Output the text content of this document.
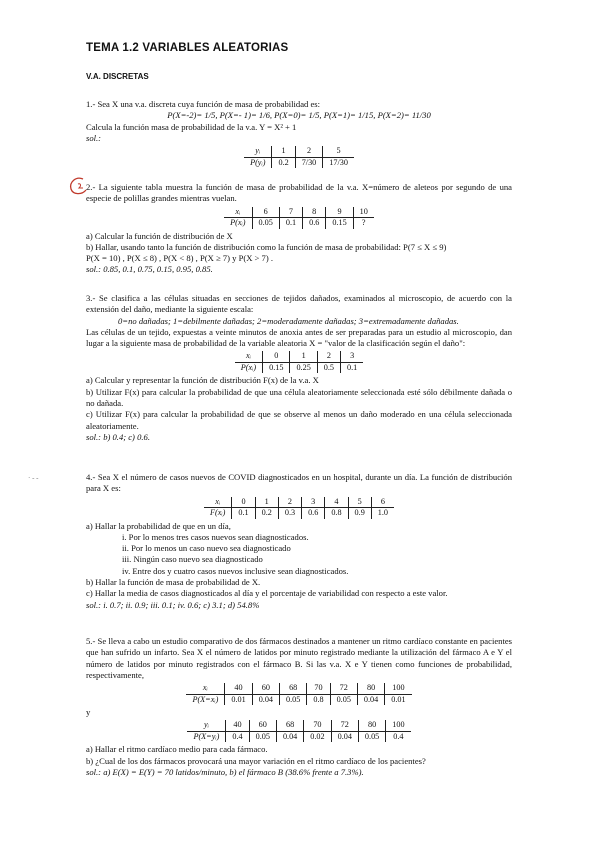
TEMA 1.2 VARIABLES ALEATORIAS
V.A. DISCRETAS

1.- Sea X una v.a. discreta cuya función de masa de probabilidad es:

P(X=-2)= 1/5, P(X=- 1)= 1/6, P(X=0)= 1/5, P(X=1)= 1/15, P(X=2)= 11/30

Calcula la función masa de probabilidad de la v.a. Y = X² + 1

sol.:

yᵢ	1	2	5
P(yᵢ)	0.2	7/30	17/30

2.- La siguiente tabla muestra la función de masa de probabilidad de la v.a. X=número de aleteos por segundo de una especie de polillas grandes mientras vuelan.

xᵢ	6	7	8	9	10
P(xᵢ)	0.05	0.1	0.6	0.15	?

a) Calcular la función de distribución de X

b) Hallar, usando tanto la función de distribución como la función de masa de probabilidad: P(7 ≤ X ≤ 9)

P(X = 10) , P(X ≤ 8) , P(X < 8) , P(X ≥ 7) y P(X > 7) .

sol.: 0.85, 0.1, 0.75, 0.15, 0.95, 0.85.

3.- Se clasifica a las células situadas en secciones de tejidos dañados, examinados al microscopio, de acuerdo con la extensión del daño, mediante la siguiente escala:

0=no dañadas; 1=debilmente dañadas; 2=moderadamente dañadas; 3=extremadamente dañadas.

Las células de un tejido, expuestas a veinte minutos de anoxia antes de ser preparadas para un estudio al microscopio, dan lugar a la siguiente masa de probabilidad de la variable aleatoria X = "valor de la clasificación según el daño":

xᵢ	0	1	2	3
P(xᵢ)	0.15	0.25	0.5	0.1

a) Calcular y representar la función de distribución F(x) de la v.a. X

b) Utilizar F(x) para calcular la probabilidad de que una célula aleatoriamente seleccionada esté sólo débilmente dañada o no dañada.

c) Utilizar F(x) para calcular la probabilidad de que se observe al menos un daño moderado en una célula seleccionada aleatoriamente.

sol.: b) 0.4; c) 0.6.

· - -	4.- Sea X el número de casos nuevos de COVID diagnosticados en un hospital, durante un día. La función de distribución para X es:

xᵢ	0	1	2	3	4	5	6
F(xᵢ)	0.1	0.2	0.3	0.6	0.8	0.9	1.0

a) Hallar la probabilidad de que en un día,

i. Por lo menos tres casos nuevos sean diagnosticados.

ii. Por lo menos un caso nuevo sea diagnosticado

iii. Ningún caso nuevo sea diagnosticado

iv. Entre dos y cuatro casos nuevos inclusive sean diagnosticados.

b) Hallar la función de masa de probabilidad de X.

c) Hallar la media de casos diagnosticados al día y el porcentaje de variabilidad con respecto a este valor.

sol.: i. 0.7; ii. 0.9; iii. 0.1; iv. 0.6; c) 3.1; d) 54.8%

5.- Se lleva a cabo un estudio comparativo de dos fármacos destinados a mantener un ritmo cardíaco constante en pacientes que han sufrido un infarto. Sea X el número de latidos por minuto registrado mediante la utilización del fármaco A e Y el número de latidos por minuto registrados con el fármaco B. Si las v.a. X e Y tienen como funciones de probabilidad, respectivamente,

xᵢ	40	60	68	70	72	80	100
P(X=xᵢ)	0.01	0.04	0.05	0.8	0.05	0.04	0.01

y

yᵢ	40	60	68	70	72	80	100
P(X=yᵢ)	0.4	0.05	0.04	0.02	0.04	0.05	0.4

a) Hallar el ritmo cardíaco medio para cada fármaco.

b) ¿Cual de los dos fármacos provocará una mayor variación en el ritmo cardíaco de los pacientes?

sol.: a) E(X) = E(Y) = 70 latidos/minuto, b) el fármaco B (38.6% frente a 7.3%).
